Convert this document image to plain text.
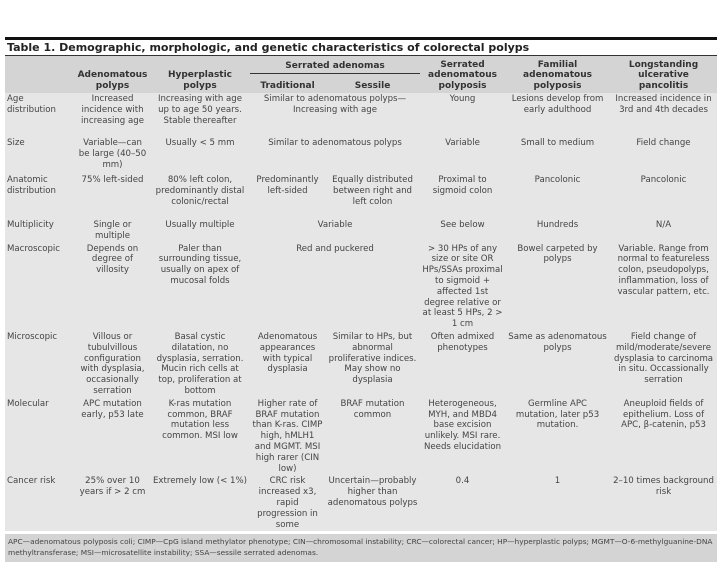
Table 1. Demographic, morphologic, and genetic characteristics of colorectal polyps
	Adenomatous polyps	Hyperplastic polyps	Serrated adenomas		Serrated adenomatous polyposis	Familial adenomatous polyposis	Longstanding ulcerative pancolitis
			Traditional	Sessile			
Age distribution	Increased incidence with increasing age	Increasing with age up to age 50 years. Stable thereafter	Similar to adenomatous polyps—Increasing with age		Young	Lesions develop from early adulthood	Increased incidence in 3rd and 4th decades
Size	Variable—can be large (40–50 mm)	Usually < 5 mm	Similar to adenomatous polyps		Variable	Small to medium	Field change
Anatomic distribution	75% left-sided	80% left colon, predominantly distal colonic/rectal	Predominantly left-sided	Equally distributed between right and left colon	Proximal to sigmoid colon	Pancolonic	Pancolonic
Multiplicity	Single or multiple	Usually multiple	Variable		See below	Hundreds	N/A
Macroscopic	Depends on degree of villosity	Paler than surrounding tissue, usually on apex of mucosal folds	Red and puckered		> 30 HPs of any size or site OR HPs/SSAs proximal to sigmoid + affected 1st degree relative or at least 5 HPs, 2 > 1 cm	Bowel carpeted by polyps	Variable. Range from normal to featureless colon, pseudopolyps, inflammation, loss of vascular pattern, etc.
Microscopic	Villous or tubulvillous configuration with dysplasia, occasionally serration	Basal cystic dilatation, no dysplasia, serration. Mucin rich cells at top, proliferation at bottom	Adenomatous appearances with typical dysplasia	Similar to HPs, but abnormal proliferative indices. May show no dysplasia	Often admixed phenotypes	Same as adenomatous polyps	Field change of mild/moderate/severe dysplasia to carcinoma in situ. Occassionally serration
Molecular	APC mutation early, p53 late	K-ras mutation common, BRAF mutation less common. MSI low	Higher rate of BRAF mutation than K-ras. CIMP high, hMLH1 and MGMT. MSI high rarer (CIN low)	BRAF mutation common	Heterogeneous, MYH, and MBD4 base excision unlikely. MSI rare. Needs elucidation	Germline APC mutation, later p53 mutation.	Aneuploid fields of epithelium. Loss of APC, β-catenin, p53
Cancer risk	25% over 10 years if > 2 cm	Extremely low (< 1%)	CRC risk increased x3, rapid progression in some	Uncertain—probably higher than adenomatous polyps	0.4	1	2–10 times background risk
APC—adenomatous polyposis coli; CIMP—CpG island methylator phenotype; CIN—chromosomal instability; CRC—colorectal cancer; HP—hyperplastic polyps; MGMT—O-6-methylguanine-DNA methyltransferase; MSI—microsatellite instability; SSA—sessile serrated adenomas.
